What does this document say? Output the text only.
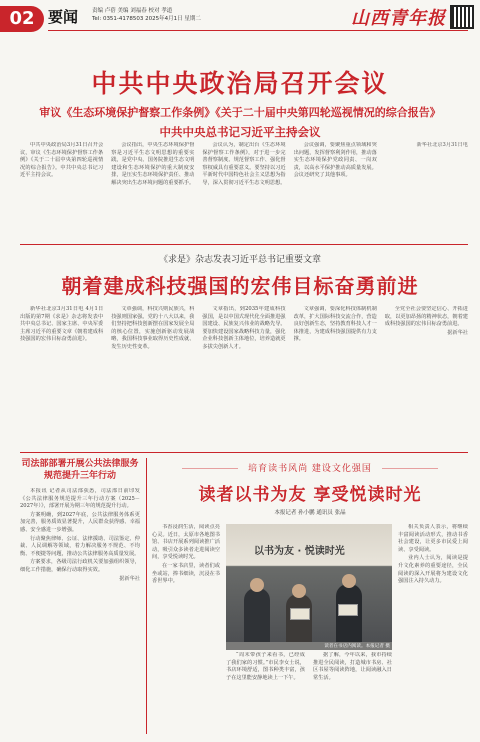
02 要闻	责编 卢蓓 美编 刘福春 校对 孝道
Tel: 0351-4178503 2025年4月1日 星期二	山西青年报
中共中央政治局召开会议
审议《生态环境保护督察工作条例》《关于二十届中央第四轮巡视情况的综合报告》
中共中央总书记习近平主持会议

中共中央政治局3月31日召开会议，审议《生态环境保护督察工作条例》《关于二十届中央第四轮巡视情况的综合报告》。中共中央总书记习近平主持会议。

会议指出，中央生态环境保护督察是习近平生态文明思想的重要实践，是党中央、国务院推进生态文明建设和生态环境保护的重大制度安排，是压实生态环境保护责任、推动解决突出生态环境问题的重要抓手。

会议认为，制定出台《生态环境保护督察工作条例》，对于进一步完善督察制度、规范督察工作、强化督察权威具有重要意义。要坚持以习近平新时代中国特色社会主义思想为指导，深入贯彻习近平生态文明思想。

会议强调，要聚焦重点领域和突出问题，发挥督察利剑作用，推动落实生态环境保护党政同责、一岗双责，以高水平保护推动高质量发展。会议还研究了其他事项。

新华社北京3月31日电

《求是》杂志发表习近平总书记重要文章
朝着建成科技强国的宏伟目标奋勇前进

新华社北京3月31日电 4月1日出版的第7期《求是》杂志将发表中共中央总书记、国家主席、中央军委主席习近平的重要文章《朝着建成科技强国的宏伟目标奋勇前进》。

文章强调，科技兴则民族兴，科技强则国家强。党的十八大以来，我们坚持把科技创新摆在国家发展全局的核心位置，实施创新驱动发展战略，我国科技事业取得历史性成就、发生历史性变革。

文章指出，到2035年建成科技强国，是以中国式现代化全面推进强国建设、民族复兴伟业的战略先导。要加快建设国家战略科技力量，强化企业科技创新主体地位，培养造就更多拔尖创新人才。

文章强调，要深化科技体制机制改革，扩大国际科技交流合作，营造良好创新生态，坚持教育科技人才一体推进，为建成科技强国提供有力支撑。

全党全社会要坚定信心、开拓进取，以更加昂扬的精神状态，朝着建成科技强国的宏伟目标奋勇前进。

据新华社

司法部部署开展公共法律服务规范提升三年行动

本报讯 记者从司法部获悉，司法部日前印发《公共法律服务规范提升三年行动方案（2025－2027年）》，部署开展为期三年的规范提升行动。

方案明确，到2027年底，公共法律服务体系更加完善，服务质效显著提升，人民群众获得感、幸福感、安全感进一步增强。

行动聚焦律师、公证、法律援助、司法鉴定、仲裁、人民调解等领域，着力解决服务不规范、不均衡、不便捷等问题，推动公共法律服务高质量发展。

方案要求，各级司法行政机关要加强组织领导，细化工作措施，确保行动取得实效。

据新华社

培育读书风尚 建设文化强国
读者以书为友 享受悦读时光
本报记者 孙小鹏 通讯员 张晶

书香浸润生活，阅读点亮心灵。近日，太原市各地图书馆、书店开展系列阅读推广活动，吸引众多读者走进阅读空间，享受悦读时光。

在一家书店里，读者们或坐或站，捧书细读，沉浸在书香世界中。

以书为友 · 悦读时光
读者在书店内阅读。本报记者 摄

“周末带孩子来看书，已经成了我们家的习惯。”市民李女士说，书店环境舒适，图书种类丰富，孩子在这里能安静地读上一下午。

据了解，今年以来，我市持续推进全民阅读，打造城市书房、社区书屋等阅读阵地，让阅读融入日常生活。

相关负责人表示，将继续丰富阅读活动形式，推动书香社会建设，让更多市民爱上阅读、享受阅读。

业内人士认为，阅读是提升文化素养的重要途径，全民阅读的深入开展将为建设文化强国注入持久动力。
